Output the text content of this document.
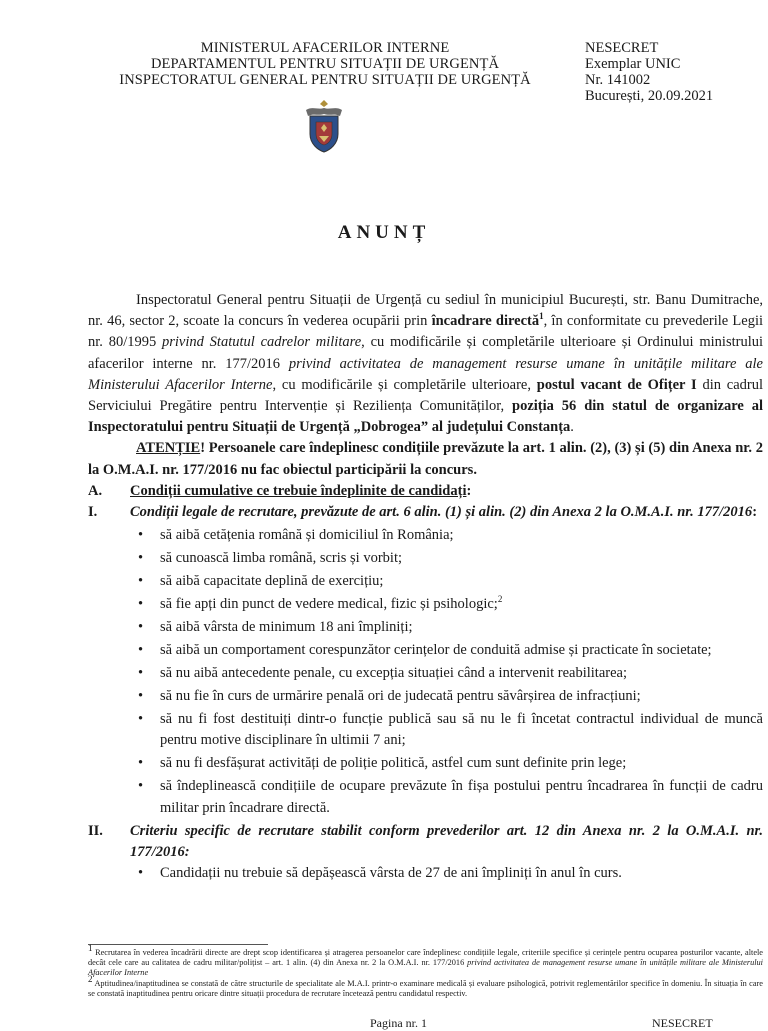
MINISTERUL AFACERILOR INTERNE
DEPARTAMENTUL PENTRU SITUAȚII DE URGENȚĂ
INSPECTORATUL GENERAL PENTRU SITUAȚII DE URGENȚĂ
NESECRET
Exemplar UNIC
Nr. 141002
București, 20.09.2021
ANUNȚ

Inspectoratul General pentru Situații de Urgență cu sediul în municipiul București, str. Banu Dumitrache, nr. 46, sector 2, scoate la concurs în vederea ocupării prin încadrare directă$^1$, în conformitate cu prevederile Legii nr. 80/1995 privind Statutul cadrelor militare, cu modificările și completările ulterioare și Ordinului ministrului afacerilor interne nr. 177/2016 privind activitatea de management resurse umane în unitățile militare ale Ministerului Afacerilor Interne, cu modificările și completările ulterioare, postul vacant de Ofițer I din cadrul Serviciului Pregătire pentru Intervenție și Reziliența Comunităților, poziția 56 din statul de organizare al Inspectoratului pentru Situații de Urgență „Dobrogea” al județului Constanța.

ATENȚIE! Persoanele care îndeplinesc condițiile prevăzute la art. 1 alin. (2), (3) și (5) din Anexa nr. 2 la O.M.A.I. nr. 177/2016 nu fac obiectul participării la concurs.

A.	Condiții cumulative ce trebuie îndeplinite de candidați:
I.	Condiții legale de recrutare, prevăzute de art. 6 alin. (1) și alin. (2) din Anexa 2 la O.M.A.I. nr. 177/2016:
• să aibă cetățenia română și domiciliul în România;
• să cunoască limba română, scris și vorbit;
• să aibă capacitate deplină de exercițiu;
• să fie apți din punct de vedere medical, fizic și psihologic;$^2$
• să aibă vârsta de minimum 18 ani împliniți;
• să aibă un comportament corespunzător cerințelor de conduită admise și practicate în societate;
• să nu aibă antecedente penale, cu excepția situației când a intervenit reabilitarea;
• să nu fie în curs de urmărire penală ori de judecată pentru săvârșirea de infracțiuni;
• să nu fi fost destituiți dintr-o funcție publică sau să nu le fi încetat contractul individual de muncă pentru motive disciplinare în ultimii 7 ani;
• să nu fi desfășurat activități de poliție politică, astfel cum sunt definite prin lege;
• să îndeplinească condițiile de ocupare prevăzute în fișa postului pentru încadrarea în funcții de cadru militar prin încadrare directă.
II.	Criteriu specific de recrutare stabilit conform prevederilor art. 12 din Anexa nr. 2 la O.M.A.I. nr. 177/2016:
• Candidații nu trebuie să depășească vârsta de 27 de ani împliniți în anul în curs.

$^1$ Recrutarea în vederea încadrării directe are drept scop identificarea și atragerea persoanelor care îndeplinesc condițiile legale, criteriile specifice și cerințele pentru ocuparea posturilor vacante, altele decât cele care au calitatea de cadru militar/polițist – art. 1 alin. (4) din Anexa nr. 2 la O.M.A.I. nr. 177/2016 privind activitatea de management resurse umane în unitățile militare ale Ministerului Afacerilor Interne

$^2$ Aptitudinea/inaptitudinea se constată de către structurile de specialitate ale M.A.I. printr-o examinare medicală și evaluare psihologică, potrivit reglementărilor specifice în domeniu. În situația în care se constată inaptitudinea pentru oricare dintre situații procedura de recrutare încetează pentru candidatul respectiv.

Pagina nr. 1	NESECRET
